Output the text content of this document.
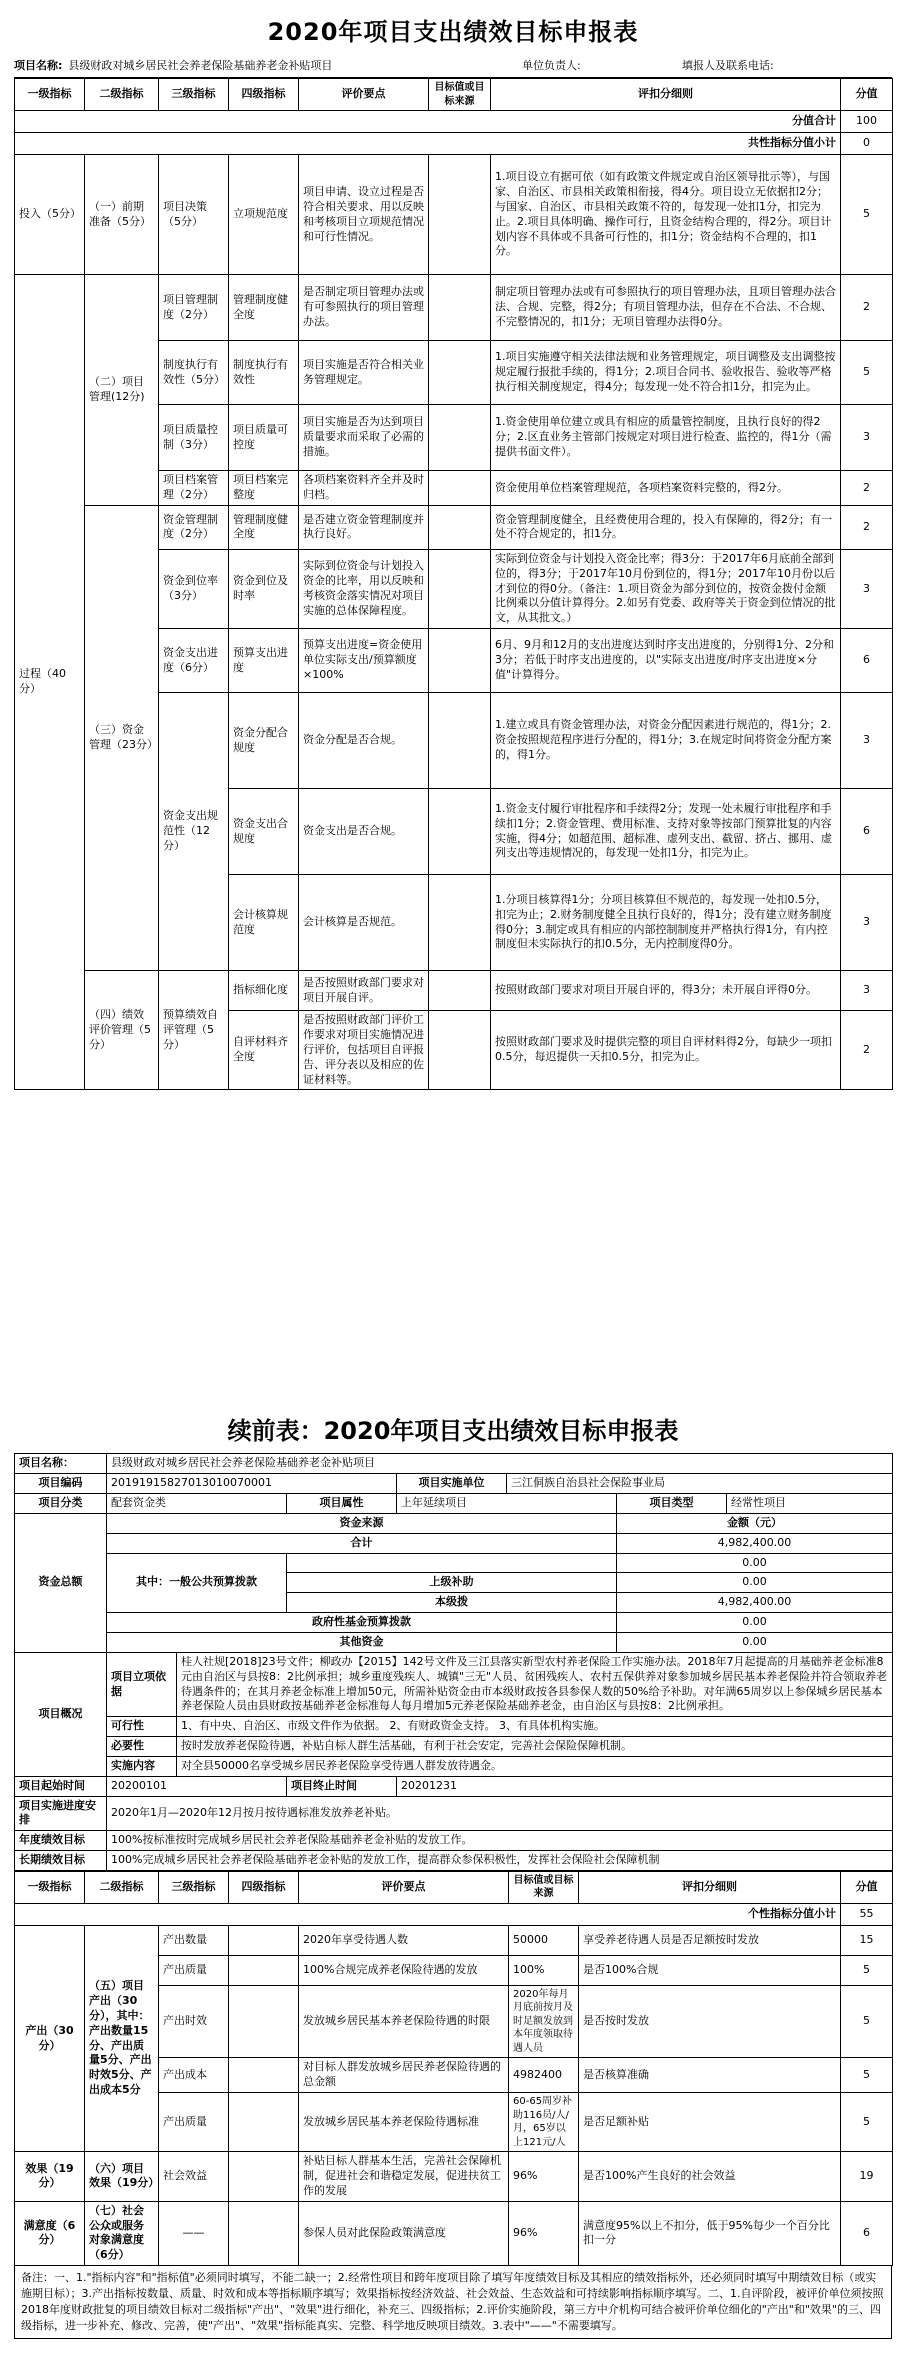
2020年项目支出绩效目标申报表
项目名称: 县级财政对城乡居民社会养老保险基础养老金补贴项目	单位负责人:	填报人及联系电话:
一级指标	二级指标	三级指标	四级指标	评价要点	目标值或目标来源	评扣分细则	分值
分值合计							100
共性指标分值小计							0
投入（5分）	（一）前期准备（5分）	项目决策（5分）	立项规范度	项目申请、设立过程是否符合相关要求、用以反映和考核项目立项规范情况和可行性情况。		1.项目设立有据可依（如有政策文件规定或自治区领导批示等），与国家、自治区、市县相关政策相衔接，得4分。项目设立无依据扣2分；与国家、自治区、市县相关政策不符的，每发现一处扣1分，扣完为止。2.项目具体明确、操作可行，且资金结构合理的，得2分。项目计划内容不具体或不具备可行性的，扣1分；资金结构不合理的，扣1分。	5
过程（40分）	（二）项目管理(12分)	项目管理制度（2分）	管理制度健全度	是否制定项目管理办法或有可参照执行的项目管理办法。		制定项目管理办法或有可参照执行的项目管理办法，且项目管理办法合法、合规、完整，得2分；有项目管理办法，但存在不合法、不合规、不完整情况的，扣1分；无项目管理办法得0分。	2
		制度执行有效性（5分）	制度执行有效性	项目实施是否符合相关业务管理规定。		1.项目实施遵守相关法律法规和业务管理规定，项目调整及支出调整按规定履行报批手续的，得1分；2.项目合同书、验收报告、验收等严格执行相关制度规定，得4分；每发现一处不符合扣1分，扣完为止。	5
		项目质量控制（3分）	项目质量可控度	项目实施是否为达到项目质量要求而采取了必需的措施。		1.资金使用单位建立或具有相应的质量管控制度，且执行良好的得2分；2.区直业务主管部门按规定对项目进行检查、监控的，得1分（需提供书面文件）。	3
		项目档案管理（2分）	项目档案完整度	各项档案资料齐全并及时归档。		资金使用单位档案管理规范，各项档案资料完整的，得2分。	2
	（三）资金管理（23分）	资金管理制度（2分）	管理制度健全度	是否建立资金管理制度并执行良好。		资金管理制度健全，且经费使用合理的，投入有保障的，得2分；有一处不符合规定的，扣1分。	2
		资金到位率（3分）	资金到位及时率	实际到位资金与计划投入资金的比率，用以反映和考核资金落实情况对项目实施的总体保障程度。		实际到位资金与计划投入资金比率；得3分：于2017年6月底前全部到位的，得3分；于2017年10月份到位的，得1分；2017年10月份以后才到位的得0分。（备注：1.项目资金为部分到位的，按资金拨付金额比例乘以分值计算得分。2.如另有党委、政府等关于资金到位情况的批文，从其批文。）	3
		资金支出进度（6分）	预算支出进度	预算支出进度=资金使用单位实际支出/预算额度×100%		6月、9月和12月的支出进度达到时序支出进度的，分别得1分、2分和3分；若低于时序支出进度的，以"实际支出进度/时序支出进度×分值"计算得分。	6
		资金支出规范性（12分）	资金分配合规度	资金分配是否合规。		1.建立或具有资金管理办法，对资金分配因素进行规范的，得1分；2.资金按照规范程序进行分配的，得1分；3.在规定时间将资金分配方案的，得1分。	3
			资金支出合规度	资金支出是否合规。		1.资金支付履行审批程序和手续得2分；发现一处未履行审批程序和手续扣1分；2.资金管理、费用标准、支持对象等按部门预算批复的内容实施，得4分；如超范围、超标准、虚列支出、截留、挤占、挪用、虚列支出等违规情况的，每发现一处扣1分，扣完为止。	6
			会计核算规范度	会计核算是否规范。		1.分项目核算得1分；分项目核算但不规范的，每发现一处扣0.5分，扣完为止；2.财务制度健全且执行良好的，得1分；没有建立财务制度得0分；3.制定或具有相应的内部控制制度并严格执行得1分，有内控制度但未实际执行的扣0.5分，无内控制度得0分。	3
	（四）绩效评价管理（5分）	预算绩效自评管理（5分）	指标细化度	是否按照财政部门要求对项目开展自评。		按照财政部门要求对项目开展自评的，得3分；未开展自评得0分。	3
			自评材料齐全度	是否按照财政部门评价工作要求对项目实施情况进行评价，包括项目自评报告、评分表以及相应的佐证材料等。		按照财政部门要求及时提供完整的项目自评材料得2分，每缺少一项扣0.5分，每迟提供一天扣0.5分，扣完为止。	2
续前表：2020年项目支出绩效目标申报表
项目名称：	县级财政对城乡居民社会养老保险基础养老金补贴项目						
项目编码	20191915827013010070001			项目实施单位	三江侗族自治县社会保险事业局		
项目分类	配套资金类		项目属性	上年延续项目		项目类型	经常性项目
资金总额	资金来源					金额（元）	
	合计					4,982,400.00	
	其中：一般公共预算拨款					0.00	
			上级补助			0.00	
			本级拨			4,982,400.00	
	政府性基金预算拨款					0.00	
	其他资金					0.00	
项目概况	项目立项依据	桂人社规[2018]23号文件；柳政办【2015】142号文件及三江县落实新型农村养老保险工作实施办法。2018年7月起提高的月基础养老金标准8元由自治区与县按8：2比例承担；城乡重度残疾人、城镇"三无"人员、贫困残疾人、农村五保供养对象参加城乡居民基本养老保险并符合领取养老待遇条件的；在其月养老金标准上增加50元，所需补贴资金由市本级财政按各县参保人数的50%给予补助。对年满65周岁以上参保城乡居民基本养老保险人员由县财政按基础养老金标准每人每月增加5元养老保险基础养老金，由自治区与县按8：2比例承担。					
	可行性	1、有中央、自治区、市级文件作为依据。 2、有财政资金支持。 3、有具体机构实施。					
	必要性	按时发放养老保险待遇，补贴自标人群生活基础，有利于社会安定，完善社会保险保障机制。					
	实施内容	对全县50000名享受城乡居民养老保险享受待遇人群发放待遇金。					
项目起始时间	20200101		项目终止时间	20201231			
项目实施进度安排	2020年1月—2020年12月按月按待遇标准发放养老补贴。						
年度绩效目标	100%按标准按时完成城乡居民社会养老保险基础养老金补贴的发放工作。						
长期绩效目标	100%完成城乡居民社会养老保险基础养老金补贴的发放工作，提高群众参保积极性，发挥社会保险社会保障机制						
一级指标	二级指标	三级指标	四级指标	评价要点	目标值或目标来源	评扣分细则	分值
个性指标分值小计							55
产出（30分）	（五）项目产出（30分），其中：产出数量15分、产出质量5分、产出时效5分、产出成本5分	产出数量		2020年享受待遇人数	50000	享受养老待遇人员是否足额按时发放	15
		产出质量		100%合规完成养老保险待遇的发放	100%	是否100%合规	5
		产出时效		发放城乡居民基本养老保险待遇的时限	2020年每月月底前按月及时足额发放到本年度领取待遇人员	是否按时发放	5
		产出成本		对目标人群发放城乡居民养老保险待遇的总金额	4982400	是否核算准确	5
		产出质量		发放城乡居民基本养老保险待遇标准	60-65周岁补助116员/人/月，65岁以上121元/人	是否足额补贴	5
效果（19分）	（六）项目效果（19分）	社会效益		补贴目标人群基本生活，完善社会保障机制，促进社会和谐稳定发展，促进扶贫工作的发展	96%	是否100%产生良好的社会效益	19
满意度（6分）	（七）社会公众或服务对象满意度（6分）	——		参保人员对此保险政策满意度	96%	满意度95%以上不扣分，低于95%每少一个百分比扣一分	6
备注：一、1."指标内容"和"指标值"必须同时填写，不能二缺一；2.经常性项目和跨年度项目除了填写年度绩效目标及其相应的绩效指标外，还必须同时填写中期绩效目标（或实施期目标）；3.产出指标按数量、质量、时效和成本等指标顺序填写；效果指标按经济效益、社会效益、生态效益和可持续影响指标顺序填写。二、1.自评阶段，被评价单位须按照2018年度财政批复的项目绩效目标对二级指标"产出"、"效果"进行细化，补充三、四级指标；2.评价实施阶段，第三方中介机构可结合被评价单位细化的"产出"和"效果"的三、四级指标，进一步补充、修改、完善，使"产出"、"效果"指标能真实、完整、科学地反映项目绩效。3.表中"——"不需要填写。
